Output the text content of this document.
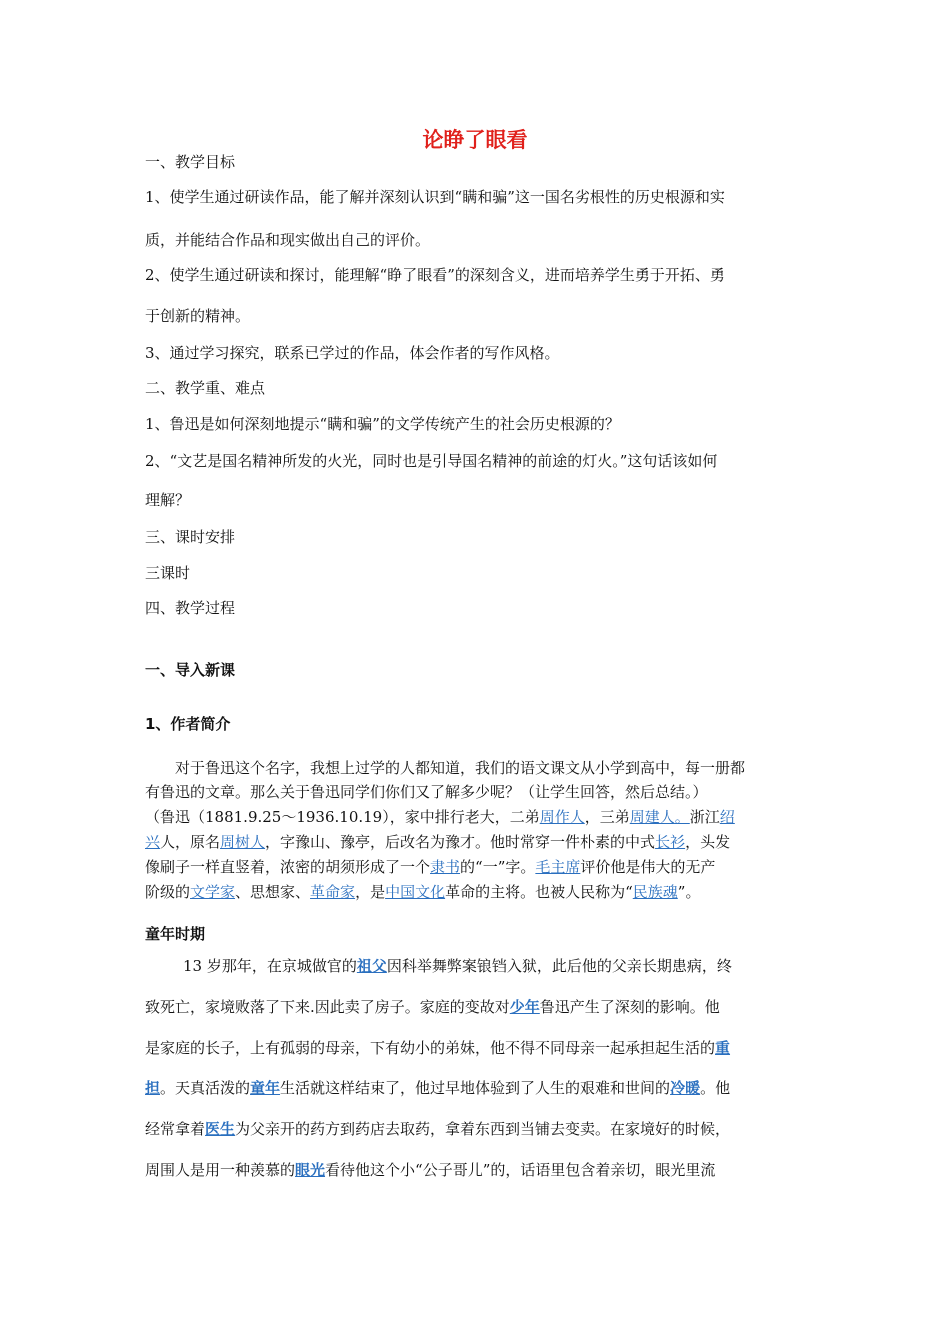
论睁了眼看
一、教学目标
1、使学生通过研读作品，能了解并深刻认识到“瞒和骗”这一国名劣根性的历史根源和实
质，并能结合作品和现实做出自己的评价。
2、使学生通过研读和探讨，能理解“睁了眼看”的深刻含义，进而培养学生勇于开拓、勇
于创新的精神。
3、通过学习探究，联系已学过的作品，体会作者的写作风格。
二、教学重、难点
1、鲁迅是如何深刻地提示“瞒和骗”的文学传统产生的社会历史根源的？
2、“文艺是国名精神所发的火光，同时也是引导国名精神的前途的灯火。”这句话该如何
理解？
三、课时安排
三课时
四、教学过程
一、导入新课
1、作者简介
对于鲁迅这个名字，我想上过学的人都知道，我们的语文课文从小学到高中，每一册都
有鲁迅的文章。那么关于鲁迅同学们你们又了解多少呢？（让学生回答，然后总结。）
（鲁迅（1881.9.25～1936.10.19），家中排行老大，二弟周作人，三弟周建人。浙江绍
兴人，原名周树人，字豫山、豫亭，后改名为豫才。他时常穿一件朴素的中式长衫，头发
像刷子一样直竖着，浓密的胡须形成了一个隶书的“一”字。毛主席评价他是伟大的无产
阶级的文学家、思想家、革命家，是中国文化革命的主将。也被人民称为“民族魂”。
童年时期
13 岁那年，在京城做官的祖父因科举舞弊案锒铛入狱，此后他的父亲长期患病，终
致死亡，家境败落了下来.因此卖了房子。家庭的变故对少年鲁迅产生了深刻的影响。他
是家庭的长子，上有孤弱的母亲，下有幼小的弟妹，他不得不同母亲一起承担起生活的重
担。天真活泼的童年生活就这样结束了，他过早地体验到了人生的艰难和世间的冷暖。他
经常拿着医生为父亲开的药方到药店去取药，拿着东西到当铺去变卖。在家境好的时候，
周围人是用一种羡慕的眼光看待他这个小“公子哥儿”的，话语里包含着亲切，眼光里流
